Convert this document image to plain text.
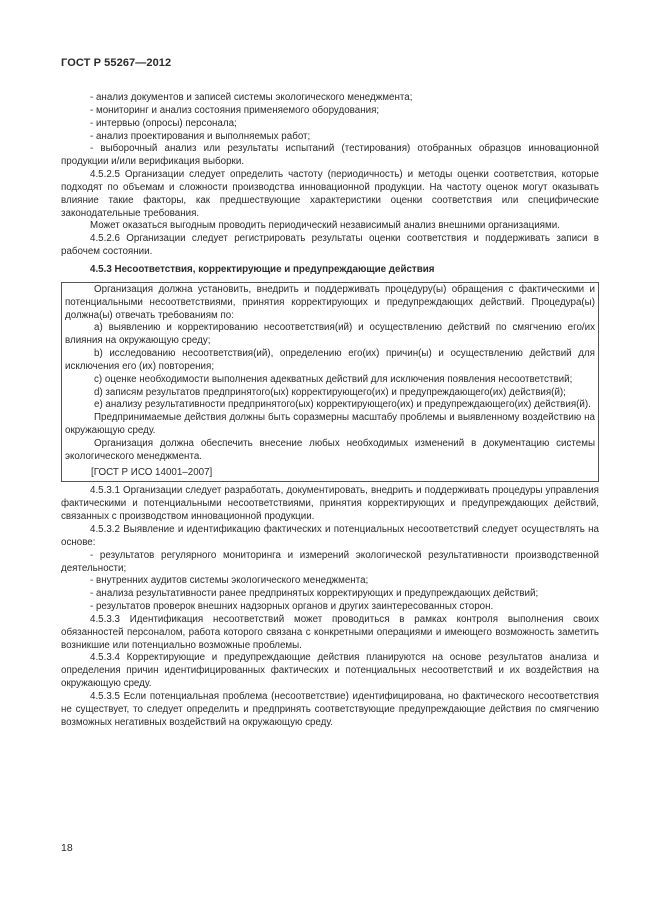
ГОСТ Р 55267—2012

- анализ документов и записей системы экологического менеджмента;

- мониторинг и анализ состояния применяемого оборудования;

- интервью (опросы) персонала;

- анализ проектирования и выполняемых работ;

- выборочный анализ или результаты испытаний (тестирования) отобранных образцов инновационной продукции и/или верификация выборки.

4.5.2.5 Организации следует определить частоту (периодичность) и методы оценки соответствия, которые подходят по объемам и сложности производства инновационной продукции. На частоту оценок могут оказывать влияние такие факторы, как предшествующие характеристики оценки соответствия или специфические законодательные требования.

Может оказаться выгодным проводить периодический независимый анализ внешними организациями.

4.5.2.6 Организации следует регистрировать результаты оценки соответствия и поддерживать записи в рабочем состоянии.

4.5.3 Несоответствия, корректирующие и предупреждающие действия

Организация должна установить, внедрить и поддерживать процедуру(ы) обращения с фактическими и потенциальными несоответствиями, принятия корректирующих и предупреждающих действий. Процедура(ы) должна(ы) отвечать требованиям по:

a) выявлению и корректированию несоответствия(ий) и осуществлению действий по смягчению его/их влияния на окружающую среду;

b) исследованию несоответствия(ий), определению его(их) причин(ы) и осуществлению действий для исключения его (их) повторения;

c) оценке необходимости выполнения адекватных действий для исключения появления несоответствий;

d) записям результатов предпринятого(ых) корректирующего(их) и предупреждающего(их) действия(й);

e) анализу результативности предпринятого(ых) корректирующего(их) и предупреждающего(их) действия(й).

Предпринимаемые действия должны быть соразмерны масштабу проблемы и выявленному воздействию на окружающую среду.

Организация должна обеспечить внесение любых необходимых изменений в документацию системы экологического менеджмента.

[ГОСТ Р ИСО 14001–2007]

4.5.3.1 Организации следует разработать, документировать, внедрить и поддерживать процедуры управления фактическими и потенциальными несоответствиями, принятия корректирующих и предупреждающих действий, связанных с производством инновационной продукции.

4.5.3.2 Выявление и идентификацию фактических и потенциальных несоответствий следует осуществлять на основе:

- результатов регулярного мониторинга и измерений экологической результативности производственной деятельности;

- внутренних аудитов системы экологического менеджмента;

- анализа результативности ранее предпринятых корректирующих и предупреждающих действий;

- результатов проверок внешних надзорных органов и других заинтересованных сторон.

4.5.3.3 Идентификация несоответствий может проводиться в рамках контроля выполнения своих обязанностей персоналом, работа которого связана с конкретными операциями и имеющего возможность заметить возникшие или потенциально возможные проблемы.

4.5.3.4 Корректирующие и предупреждающие действия планируются на основе результатов анализа и определения причин идентифицированных фактических и потенциальных несоответствий и их воздействия на окружающую среду.

4.5.3.5 Если потенциальная проблема (несоответствие) идентифицирована, но фактического несоответствия не существует, то следует определить и предпринять соответствующие предупреждающие действия по смягчению возможных негативных воздействий на окружающую среду.

18
